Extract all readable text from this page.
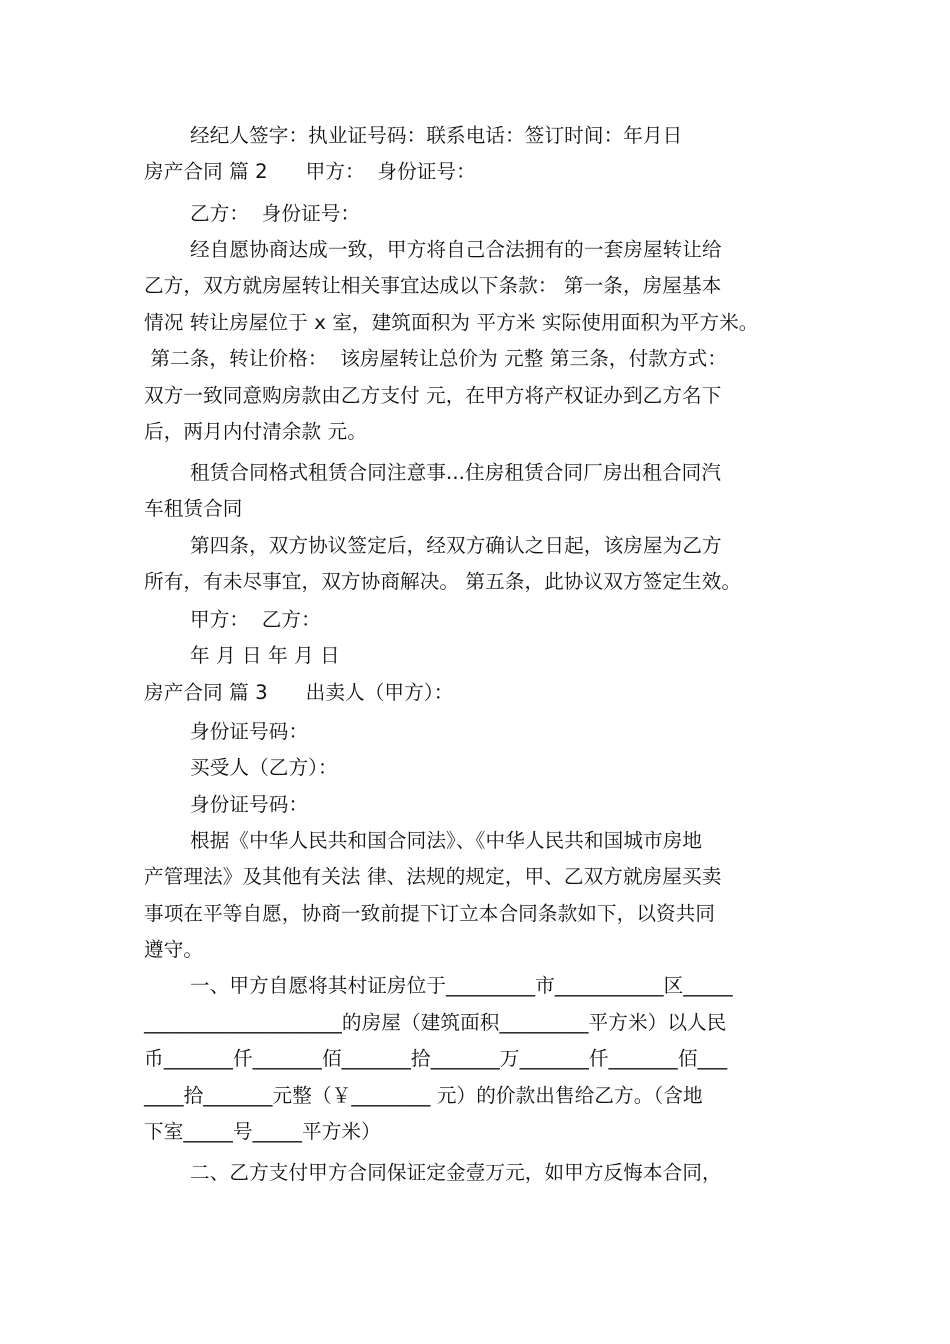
经纪人签字：执业证号码：联系电话：签订时间：年月日
房产合同 篇 2      甲方：  身份证号：
乙方：  身份证号：
经自愿协商达成一致，甲方将自己合法拥有的一套房屋转让给
乙方，双方就房屋转让相关事宜达成以下条款： 第一条，房屋基本
情况 转让房屋位于 x 室，建筑面积为 平方米 实际使用面积为平方米。
第二条，转让价格：  该房屋转让总价为 元整 第三条，付款方式：
双方一致同意购房款由乙方支付 元，在甲方将产权证办到乙方名下
后，两月内付清余款 元。
租赁合同格式租赁合同注意事...住房租赁合同厂房出租合同汽
车租赁合同
第四条，双方协议签定后，经双方确认之日起，该房屋为乙方
所有，有未尽事宜，双方协商解决。 第五条，此协议双方签定生效。
甲方：  乙方：
年 月 日 年 月 日
房产合同 篇 3      出卖人（甲方）：
身份证号码：
买受人（乙方）：
身份证号码：
根据《中华人民共和国合同法》、《中华人民共和国城市房地
产管理法》及其他有关法 律、法规的规定，甲、乙双方就房屋买卖
事项在平等自愿，协商一致前提下订立本合同条款如下，以资共同
遵守。
一、甲方自愿将其村证房位于_________市___________区_____
____________________的房屋（建筑面积_________平方米）以人民
币_______仟_______佰_______拾_______万_______仟_______佰___
____拾_______元整（￥________ 元）的价款出售给乙方。（含地
下室_____号_____平方米）
二、乙方支付甲方合同保证定金壹万元，如甲方反悔本合同，
